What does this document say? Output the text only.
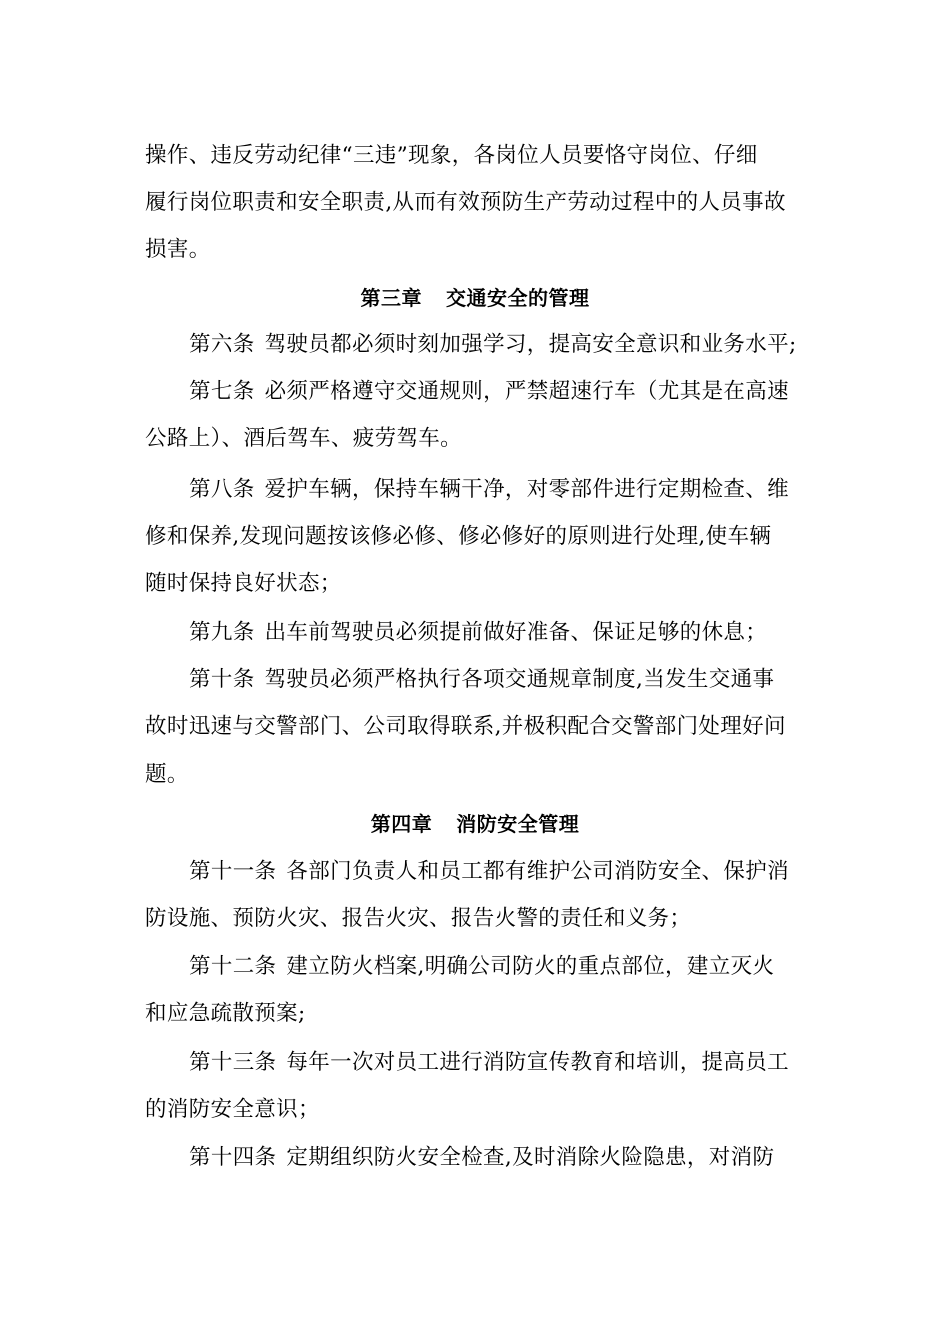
操作、违反劳动纪律“三违”现象，各岗位人员要恪守岗位、仔细
履行岗位职责和安全职责,从而有效预防生产劳动过程中的人员事故
损害。
第三章 交通安全的管理
第六条 驾驶员都必须时刻加强学习，提高安全意识和业务水平;
第七条 必须严格遵守交通规则，严禁超速行车（尤其是在高速
公路上）、酒后驾车、疲劳驾车。
第八条 爱护车辆，保持车辆干净，对零部件进行定期检查、维
修和保养,发现问题按该修必修、修必修好的原则进行处理,使车辆
随时保持良好状态；
第九条 出车前驾驶员必须提前做好准备、保证足够的休息；
第十条 驾驶员必须严格执行各项交通规章制度,当发生交通事
故时迅速与交警部门、公司取得联系,并极积配合交警部门处理好问
题。
第四章 消防安全管理
第十一条 各部门负责人和员工都有维护公司消防安全、保护消
防设施、预防火灾、报告火灾、报告火警的责任和义务；
第十二条 建立防火档案,明确公司防火的重点部位，建立灭火
和应急疏散预案;
第十三条 每年一次对员工进行消防宣传教育和培训，提高员工
的消防安全意识；
第十四条 定期组织防火安全检查,及时消除火险隐患，对消防
